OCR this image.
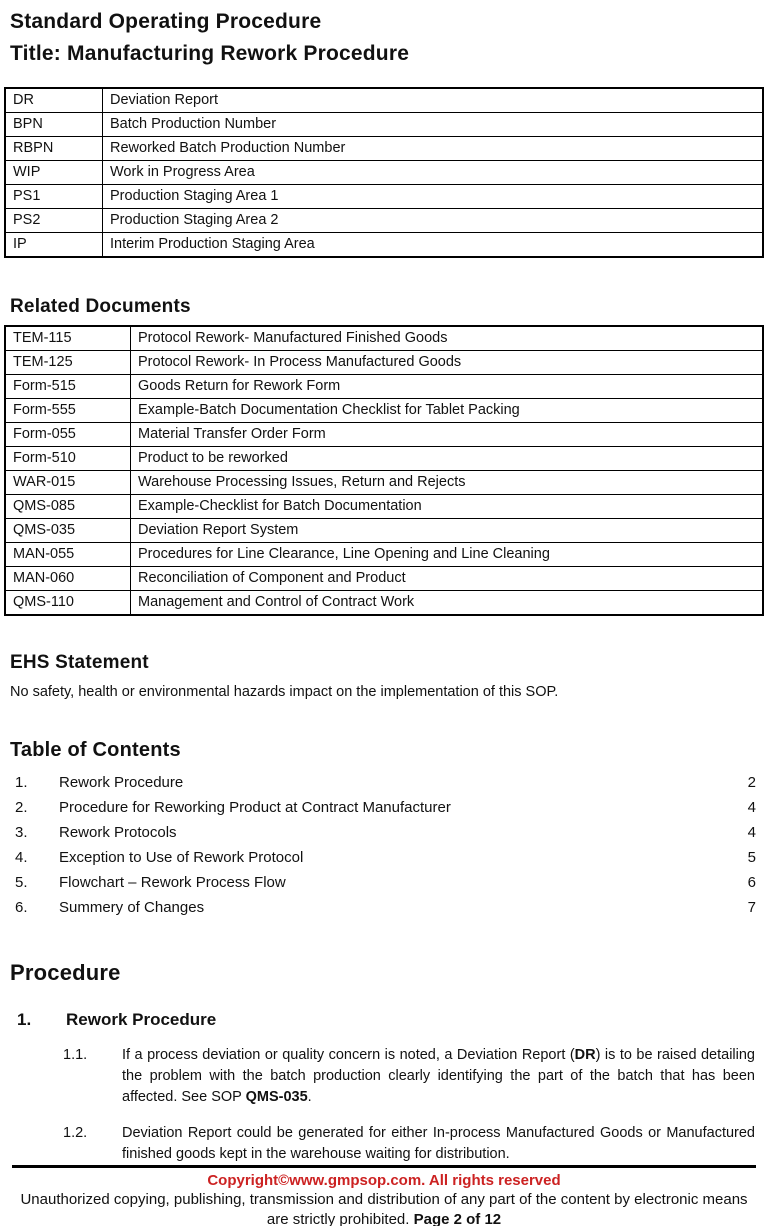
Standard Operating Procedure
Title: Manufacturing Rework Procedure
DR	Deviation Report
BPN	Batch Production Number
RBPN	Reworked Batch Production Number
WIP	Work in Progress Area
PS1	Production Staging Area 1
PS2	Production Staging Area 2
IP	Interim Production Staging Area
Related Documents
TEM-115	Protocol Rework- Manufactured Finished Goods
TEM-125	Protocol Rework- In Process Manufactured Goods
Form-515	Goods Return for Rework Form
Form-555	Example-Batch Documentation Checklist for Tablet Packing
Form-055	Material Transfer Order Form
Form-510	Product to be reworked
WAR-015	Warehouse Processing Issues, Return and Rejects
QMS-085	Example-Checklist for Batch Documentation
QMS-035	Deviation Report System
MAN-055	Procedures for Line Clearance, Line Opening and Line Cleaning
MAN-060	Reconciliation of Component and Product
QMS-110	Management and Control of Contract Work
EHS Statement
No safety, health or environmental hazards impact on the implementation of this SOP.
Table of Contents
1.	Rework Procedure	2
2.	Procedure for Reworking Product at Contract Manufacturer	4
3.	Rework Protocols	4
4.	Exception to Use of Rework Protocol	5
5.	Flowchart – Rework Process Flow	6
6.	Summery of Changes	7
Procedure
1.	Rework Procedure
1.1.	If a process deviation or quality concern is noted, a Deviation Report (DR) is to be raised detailing the problem with the batch production clearly identifying the part of the batch that has been affected. See SOP QMS-035.
1.2.	Deviation Report could be generated for either In-process Manufactured Goods or Manufactured finished goods kept in the warehouse waiting for distribution.
Copyright©www.gmpsop.com. All rights reserved
Unauthorized copying, publishing, transmission and distribution of any part of the content by electronic means are strictly prohibited. Page 2 of 12
